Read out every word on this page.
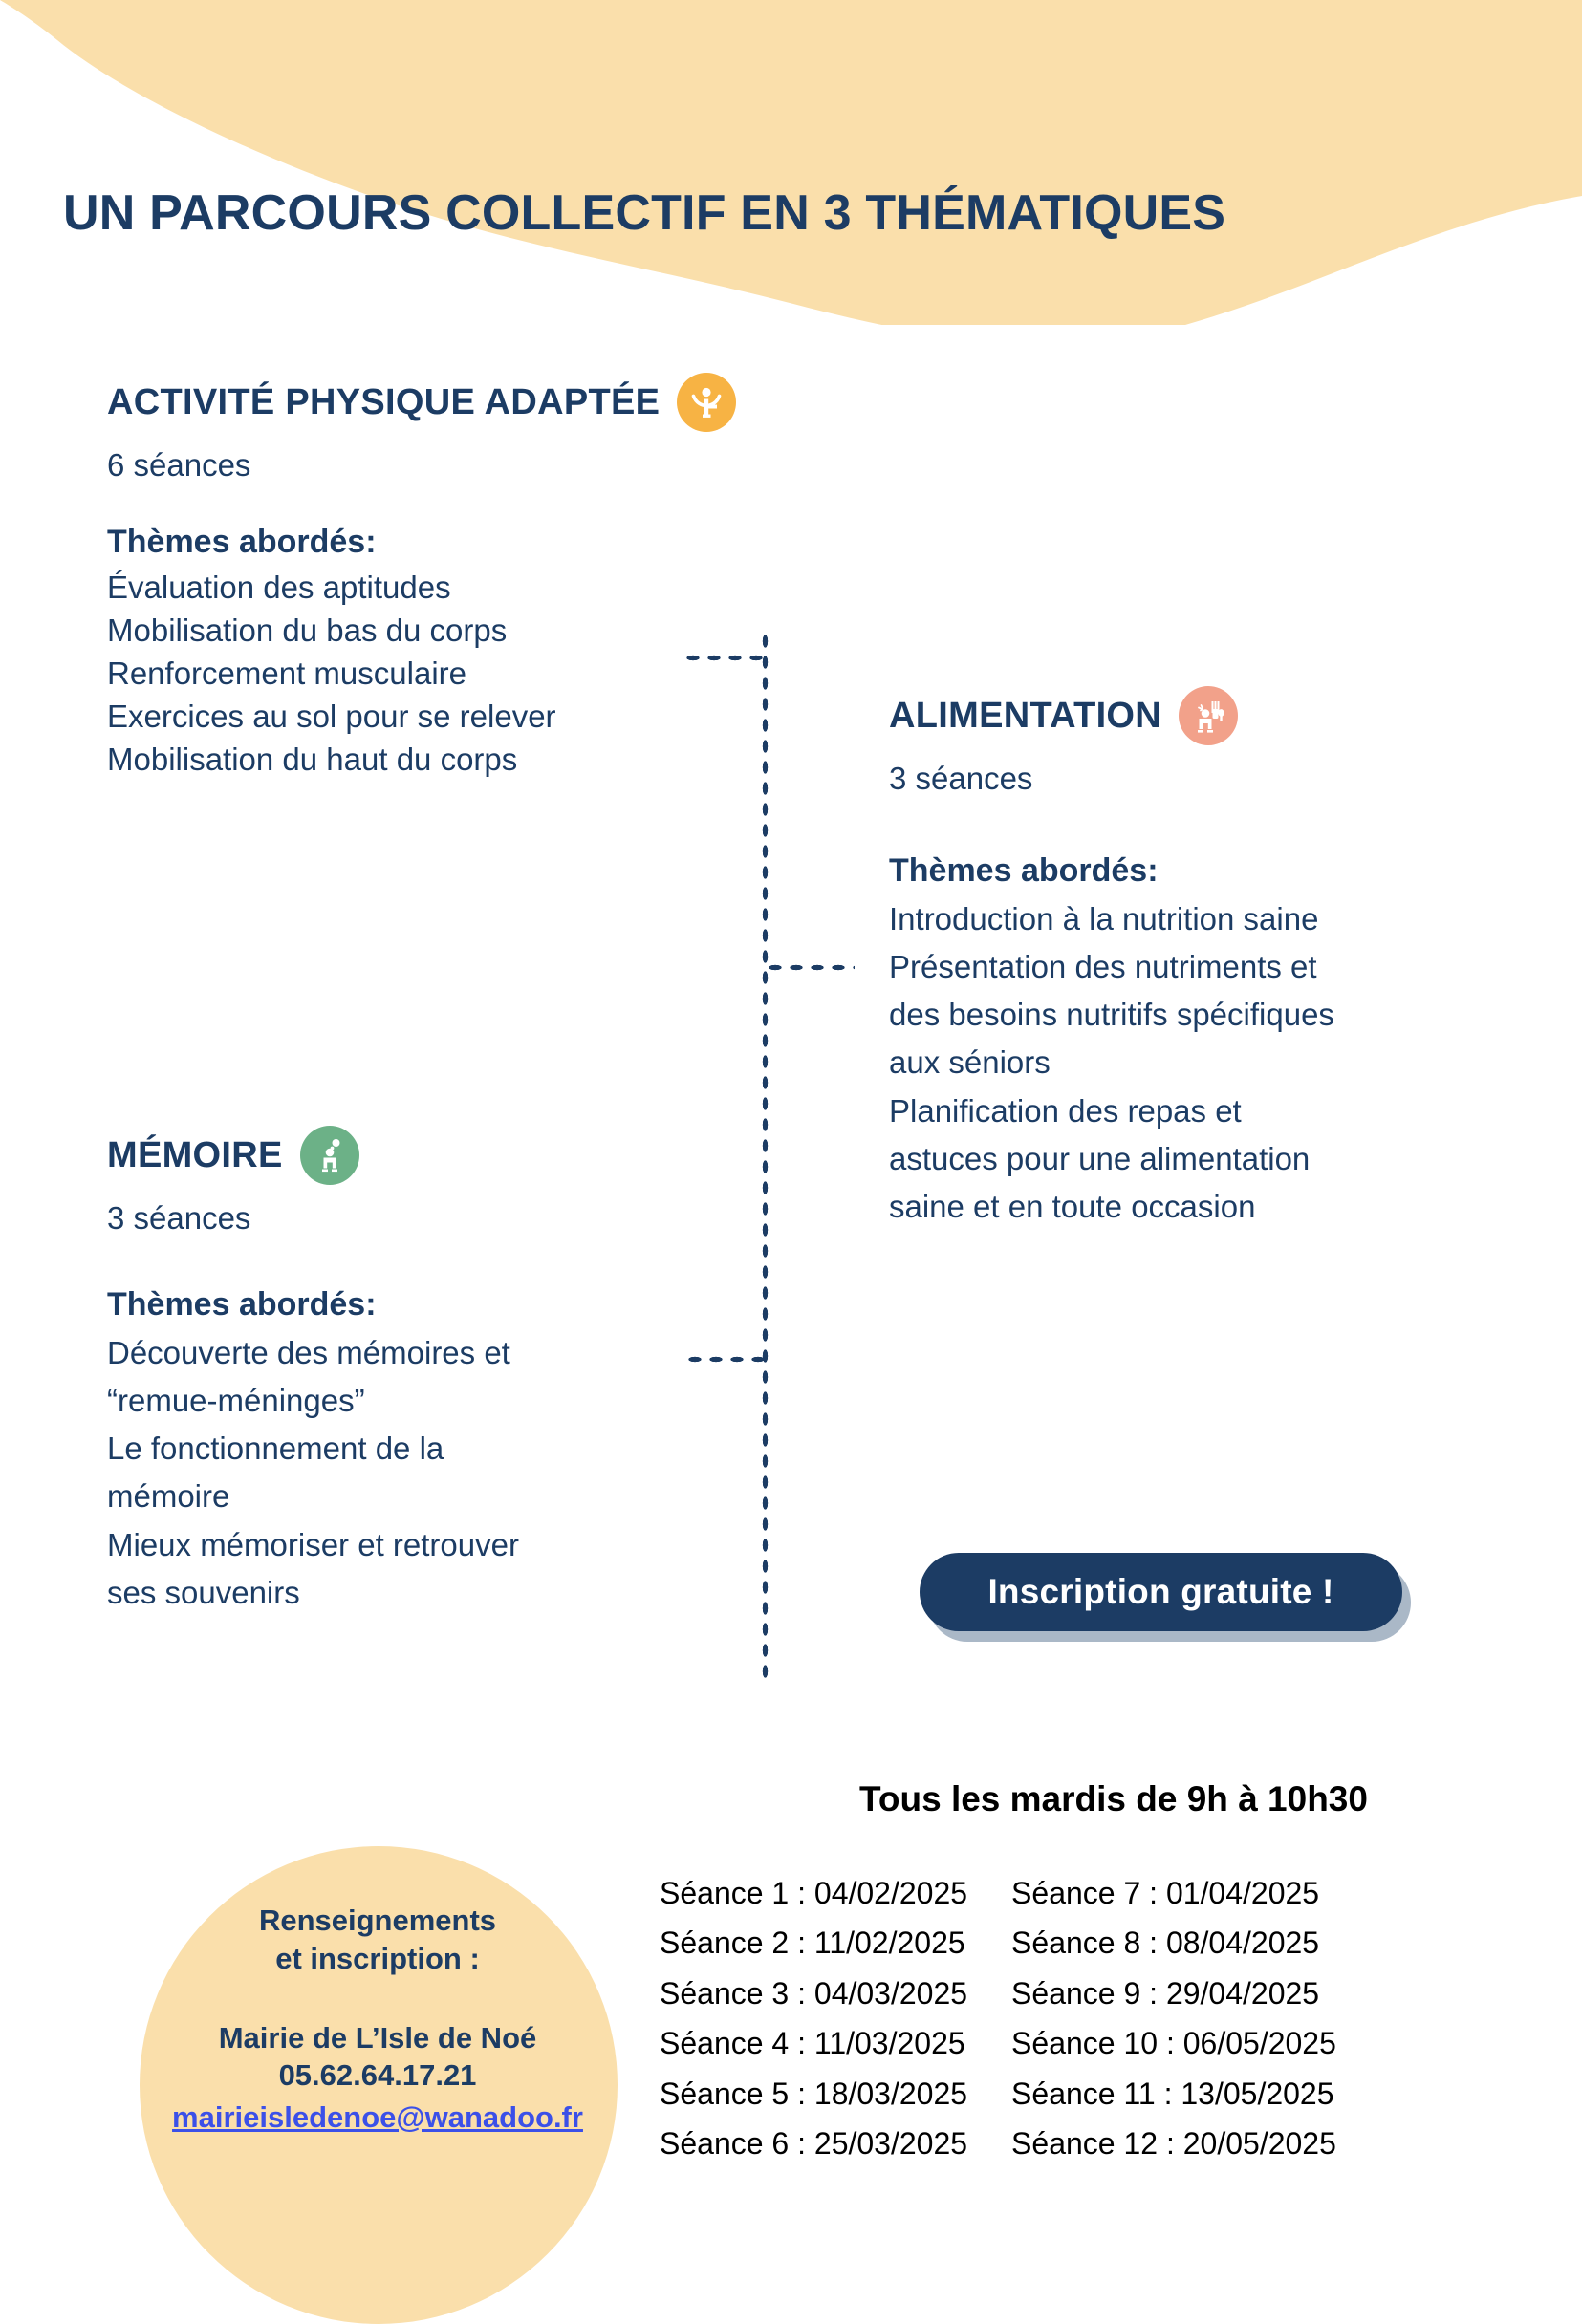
UN PARCOURS COLLECTIF EN 3 THÉMATIQUES
ACTIVITÉ PHYSIQUE ADAPTÉE
6 séances
Thèmes abordés:
Évaluation des aptitudes
Mobilisation du bas du corps
Renforcement musculaire
Exercices au sol pour se relever
Mobilisation du haut du corps
ALIMENTATION
3 séances
Thèmes abordés:
Introduction à la nutrition saine
Présentation des nutriments et
des besoins nutritifs spécifiques
aux séniors
Planification des repas et
astuces pour une alimentation
saine et en toute occasion
MÉMOIRE
3 séances
Thèmes abordés:
Découverte des mémoires et
“remue-méninges”
Le fonctionnement de la
mémoire
Mieux mémoriser et retrouver
ses souvenirs	Inscription gratuite !
Tous les mardis de 9h à 10h30
Séance 1 : 04/02/2025
Séance 2 : 11/02/2025
Séance 3 : 04/03/2025
Séance 4 : 11/03/2025
Séance 5 : 18/03/2025
Séance 6 : 25/03/2025
Séance 7 : 01/04/2025
Séance 8 : 08/04/2025
Séance 9 : 29/04/2025
Séance 10 : 06/05/2025
Séance 11 : 13/05/2025
Séance 12 : 20/05/2025
Renseignements
et inscription :
Mairie de L’Isle de Noé
05.62.64.17.21
mairieisledenoe@wanadoo.fr
